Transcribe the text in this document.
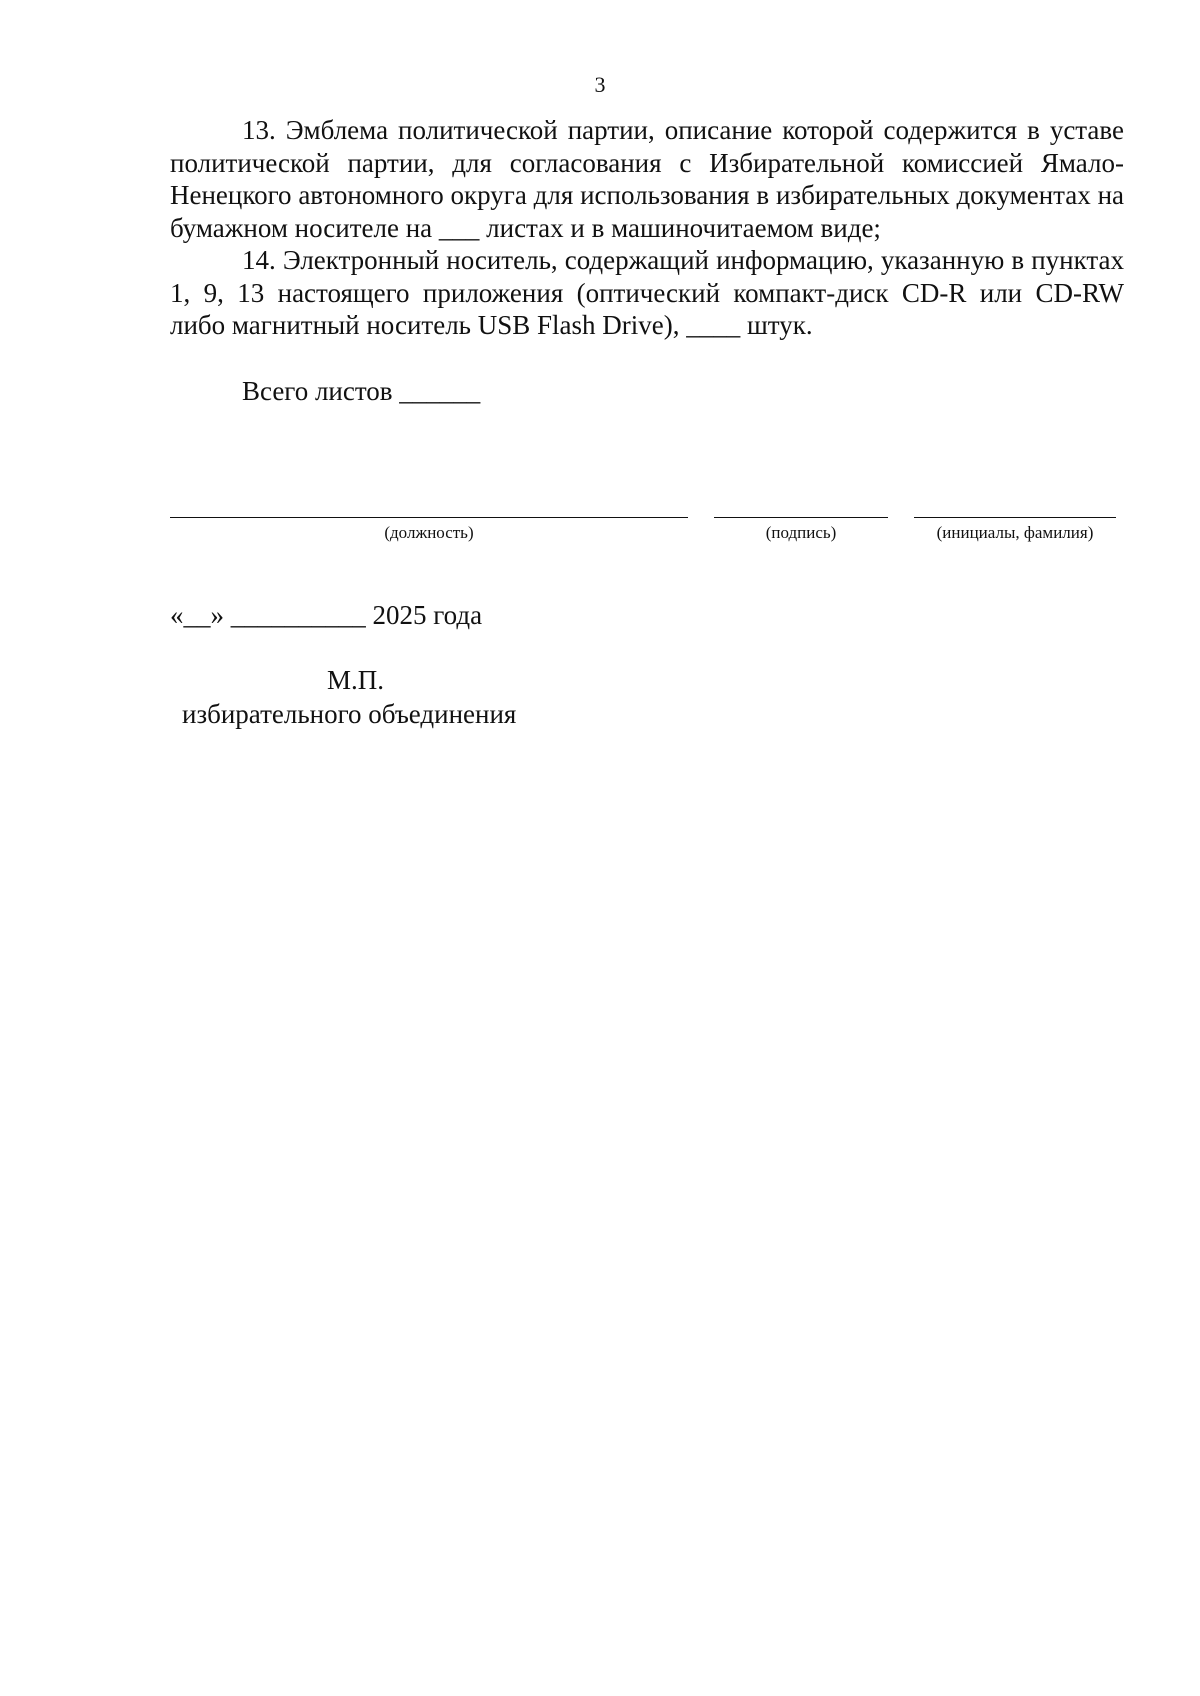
3

13. Эмблема политической партии, описание которой содержится в уставе политической партии, для согласования с Избирательной комиссией Ямало-Ненецкого автономного округа для использования в избирательных документах на бумажном носителе на ___ листах и в машиночитаемом виде;

14. Электронный носитель, содержащий информацию, указанную в пунктах 1, 9, 13 настоящего приложения (оптический компакт-диск CD-R или CD-RW либо магнитный носитель USB Flash Drive), ____ штук.

Всего листов ______
(должность)	(подпись)	(инициалы, фамилия)
«__» __________ 2025 года
М.П.
избирательного объединения
